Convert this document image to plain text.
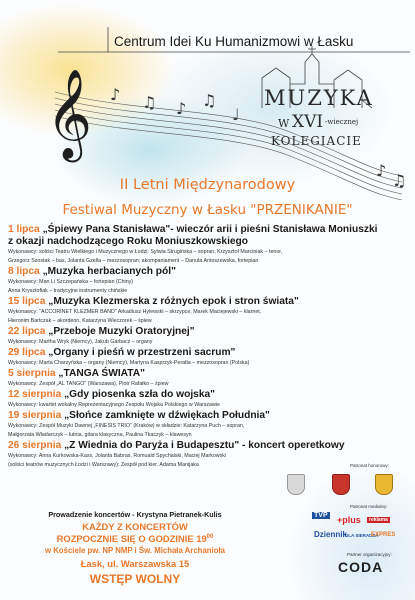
𝄞 ♪ ♫ ♪ ♫
♩
♪
♫
Centrum Idei Ku Humanizmowi w Łasku
MUZYKA
W XVI -wiecznej
KOLEGIACIE
II Letni Międzynarodowy
Festiwal Muzyczny w Łasku "PRZENIKANIE"
1 lipca „Śpiewy Pana Stanisława"- wieczór arii i pieśni Stanisława Moniuszki
z okazji nadchodzącego Roku Moniuszkowskiego
Wykonawcy: soliści Teatru Wielkiego i Muzycznego w Łodzi: Sylwia Strugińska – sopran, Krzysztof Marciniak – tenor,
Grzegorz Szostak – bas, Jolanta Gzella – mezzosopran; akompaniament – Danuta Antoszewska, fortepian
8 lipca „Muzyka herbacianych pól"
Wykonawcy: Man Li Szczepańska – fortepian (Chiny)
Anna Krysztofiak – tradycyjne instrumenty chińskie
15 lipca „Muzyka Klezmerska z różnych epok i stron świata"
Wykonawcy: "ACCORINET KLEZMER BAND" Arkadiusz Hylewski – skrzypce, Marek Maciejewski – klarnet,
Hieronim Bartczak – akordeon, Katarzyna Wieczorek – śpiew
22 lipca „Przeboje Muzyki Oratoryjnej"
Wykonawcy: Martha Wryk (Niemcy), Jakub Garbacz – organy
29 lipca „Organy i pieśń w przestrzeni sacrum"
Wykonawcy: Marta Charzyńska – organy (Niemcy), Martyna Kasprzyk-Peralta – mezzosopran (Polska)
5 sierpnia „TANGA ŚWIATA"
Wykonawcy: Zespół „AL TANGO" (Warszawa), Piotr Rafałko – śpiew
12 sierpnia „Gdy piosenka szła do wojska"
Wykonawcy: kwartet wokalny Reprezentacyjnego Zespołu Wojska Polskiego w Warszawie
19 sierpnia „Słońce zamknięte w dźwiękach Południa"
Wykonawcy: Zespół Muzyki Dawnej „FINESIS TRIO" (Kraków) w składzie: Katarzyna Puch – sopran,
Małgorzata Władarczyk – lutnia, gitara klasyczna, Paulina Tkaczyk – klawesyn
26 sierpnia „Z Wiednia do Paryża i Budapesztu" - koncert operetkowy
Wykonawcy: Anna Kurkowska-Kass, Jolanta Babras, Romuald Spychalski, Maciej Markowski
(soliści teatrów muzycznych Łodzi i Warszawy); Zespół pod kier. Adama Manijaka
Prowadzenie koncertów - Krystyna Pietranek-Kulis
KAŻDY Z KONCERTÓW
ROZPOCZNIE SIĘ O GODZINIE $19^{00}$
w Kościele pw. NP NMP i Św. Michała Archanioła
Łask, ul. Warszawska 15
WSTĘP WOLNY
Patronat honorowy:
Patronat medialny:
TVP +plus	reklama
Dziennik
DLA SIERADZA
EXPRES
Partner organizacyjny:
CODA
